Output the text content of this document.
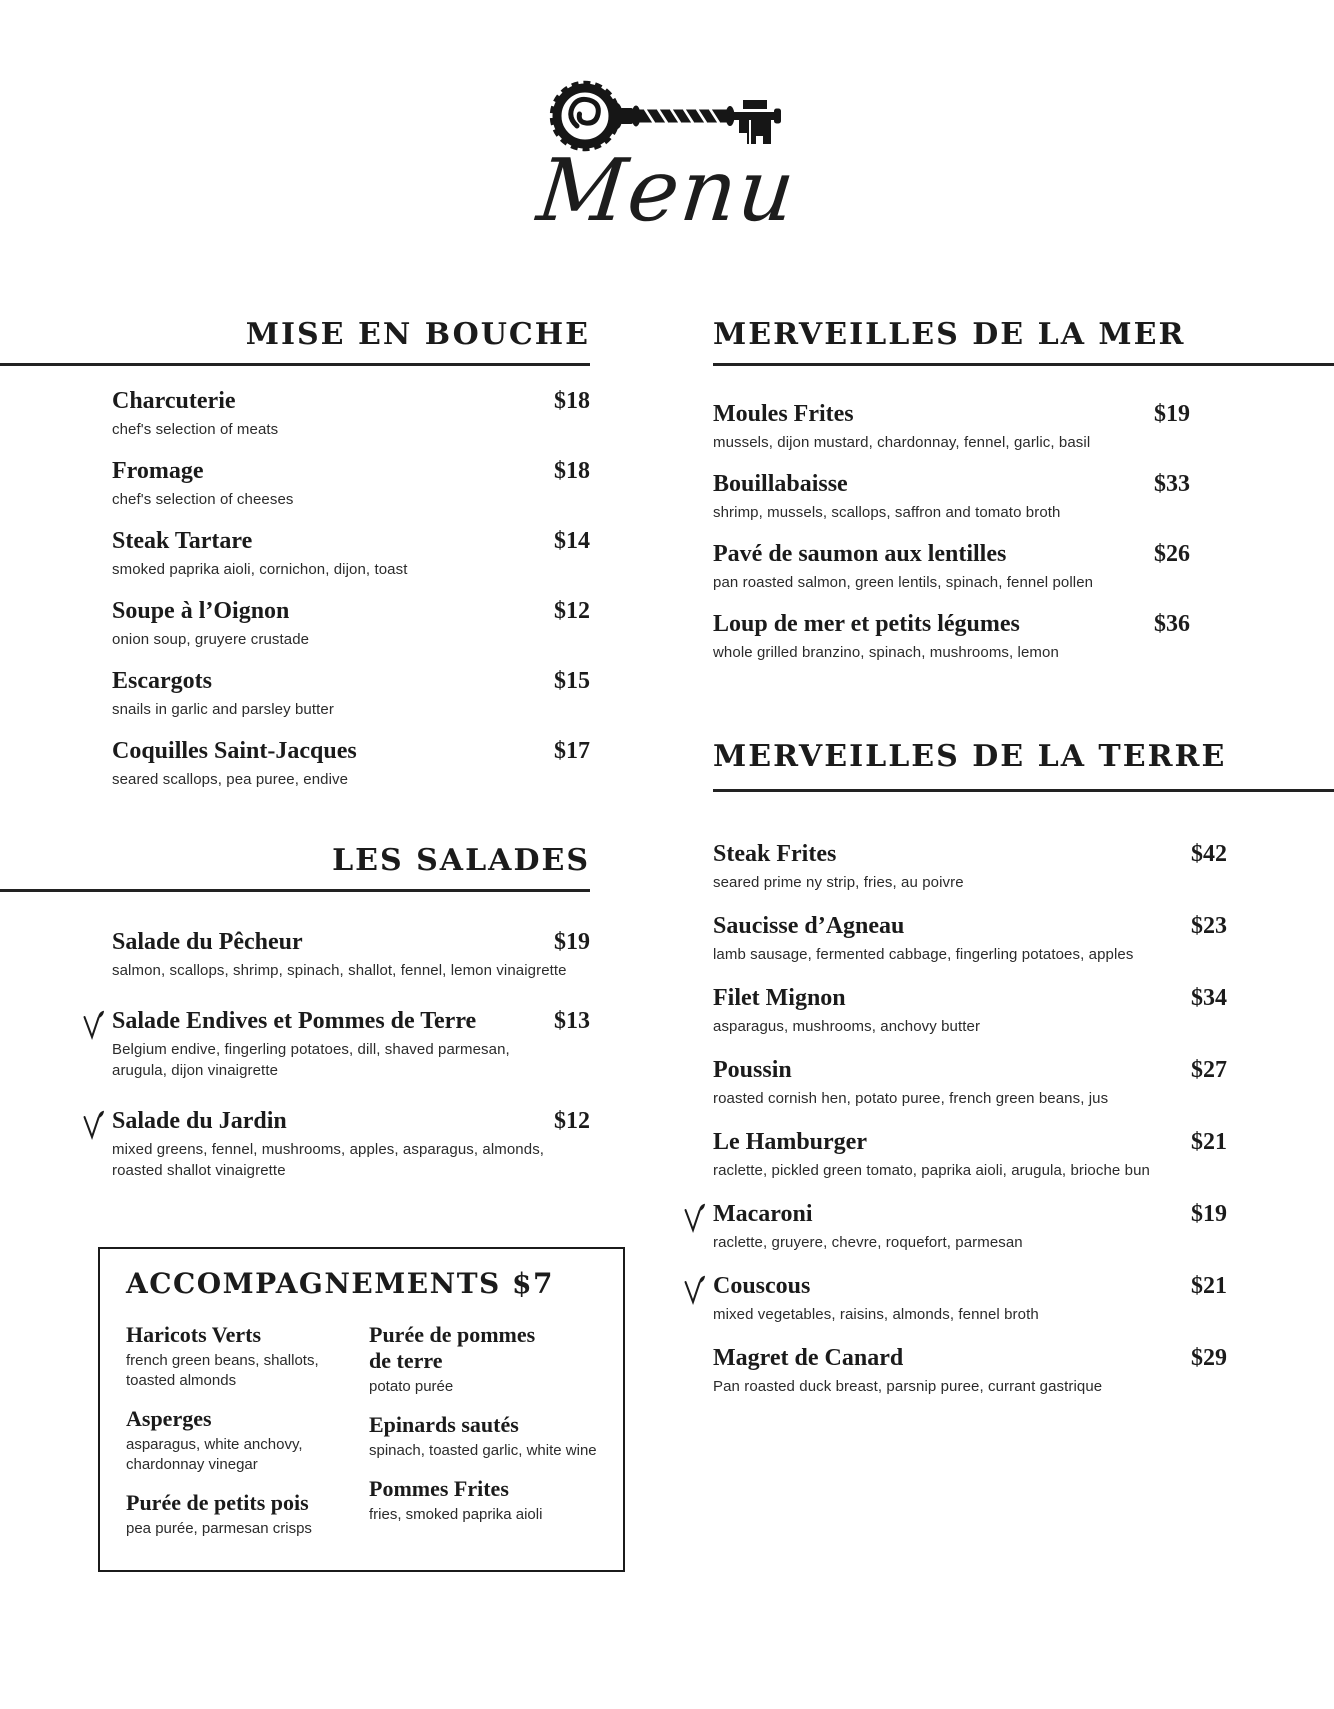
Menu
MISE EN BOUCHE
Charcuterie	$18
chef's selection of meats
Fromage	$18
chef's selection of cheeses
Steak Tartare	$14
smoked paprika aioli, cornichon, dijon, toast
Soupe à l’Oignon	$12
onion soup, gruyere crustade
Escargots	$15
snails in garlic and parsley butter
Coquilles Saint-Jacques	$17
seared scallops, pea puree, endive
LES SALADES
Salade du Pêcheur	$19
salmon, scallops, shrimp, spinach, shallot, fennel, lemon vinaigrette
Salade Endives et Pommes de Terre	$13
Belgium endive, fingerling potatoes, dill, shaved parmesan, arugula, dijon vinaigrette
Salade du Jardin	$12
mixed greens, fennel, mushrooms, apples, asparagus, almonds, roasted shallot vinaigrette
MERVEILLES DE LA MER
Moules Frites	$19
mussels, dijon mustard, chardonnay, fennel, garlic, basil
Bouillabaisse	$33
shrimp, mussels, scallops, saffron and tomato broth
Pavé de saumon aux lentilles	$26
pan roasted salmon, green lentils, spinach, fennel pollen
Loup de mer et petits légumes	$36
whole grilled branzino, spinach, mushrooms, lemon
MERVEILLES DE LA TERRE
Steak Frites	$42
seared prime ny strip, fries, au poivre
Saucisse d’Agneau	$23
lamb sausage, fermented cabbage, fingerling potatoes, apples
Filet Mignon	$34
asparagus, mushrooms, anchovy butter
Poussin	$27
roasted cornish hen, potato puree, french green beans, jus
Le Hamburger	$21
raclette, pickled green tomato, paprika aioli, arugula, brioche bun
Macaroni	$19
raclette, gruyere, chevre, roquefort, parmesan
Couscous	$21
mixed vegetables, raisins, almonds, fennel broth
Magret de Canard	$29
Pan roasted duck breast, parsnip puree, currant gastrique
ACCOMPAGNEMENTS $7
Haricots Verts
french green beans, shallots, toasted almonds
Asperges
asparagus, white anchovy, chardonnay vinegar
Purée de petits pois
pea purée, parmesan crisps
Purée de pommes de terre
potato purée
Epinards sautés
spinach, toasted garlic, white wine
Pommes Frites
fries, smoked paprika aioli
